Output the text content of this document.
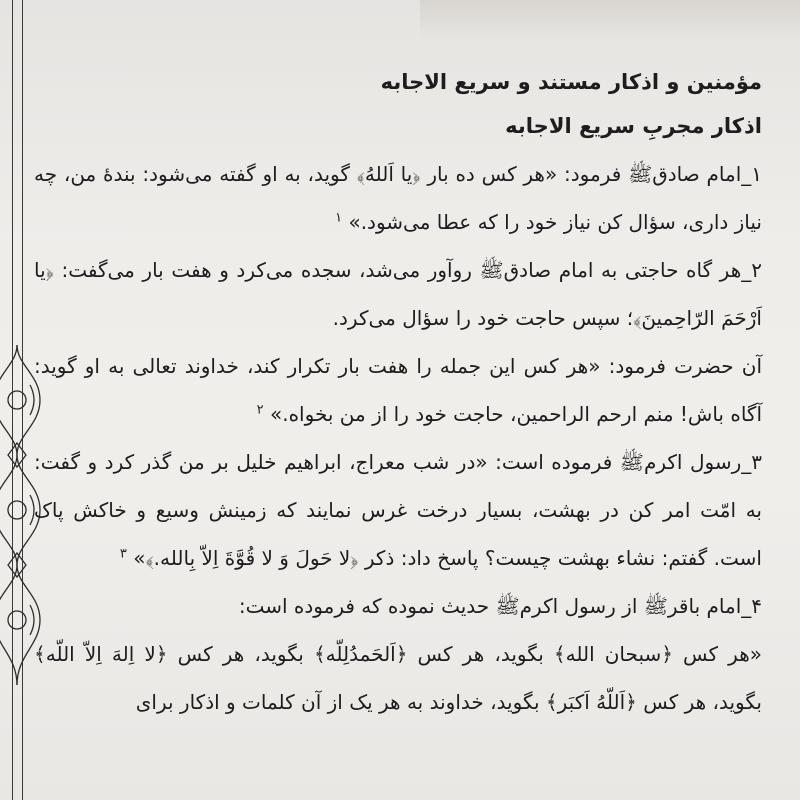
مؤمنین و اذکار مستند و سریع الاجابه

اذکار مجربِ سریع الاجابه

۱_امام صادقﷺ فرمود: «هر کس ده بار ﴿یا اَللهُ﴾ گوید، به او گفته می‌شود: بندهٔ من، چه نیاز داری، سؤال کن نیاز خود را که عطا می‌شود.» $^۱$

۲_هر گاه حاجتی به امام صادقﷺ روآور می‌شد، سجده می‌کرد و هفت بار می‌گفت: ﴿یا اَرْحَمَ الرّاحِمینَ﴾؛ سپس حاجت خود را سؤال می‌کرد.

آن حضرت فرمود: «هر کس این جمله را هفت بار تکرار کند، خداوند تعالی به او گوید: آگاه باش! منم ارحم الراحمین، حاجت خود را از من بخواه.» $^۲$

۳_رسول اکرمﷺ فرموده است: «در شب معراج، ابراهیم خلیل بر من گذر کرد و گفت: به امّت امر کن در بهشت، بسیار درخت غرس نمایند که زمینش وسیع و خاکش پاک است. گفتم: نشاء بهشت چیست؟ پاسخ داد: ذکر ﴿لا حَولَ وَ لا قُوَّةَ اِلاّ بِالله.﴾» $^۳$

۴_امام باقرﷺ از رسول اکرمﷺ حدیث نموده که فرموده است:

«هر کس ﴿سبحان الله﴾ بگوید، هر کس ﴿اَلحَمدُلِلّه﴾ بگوید، هر کس ﴿لا اِلهَ اِلاّ اللّه﴾ بگوید، هر کس ﴿اَللّهُ اَکبَر﴾ بگوید، خداوند به هر یک از آن کلمات و اذکار برای
